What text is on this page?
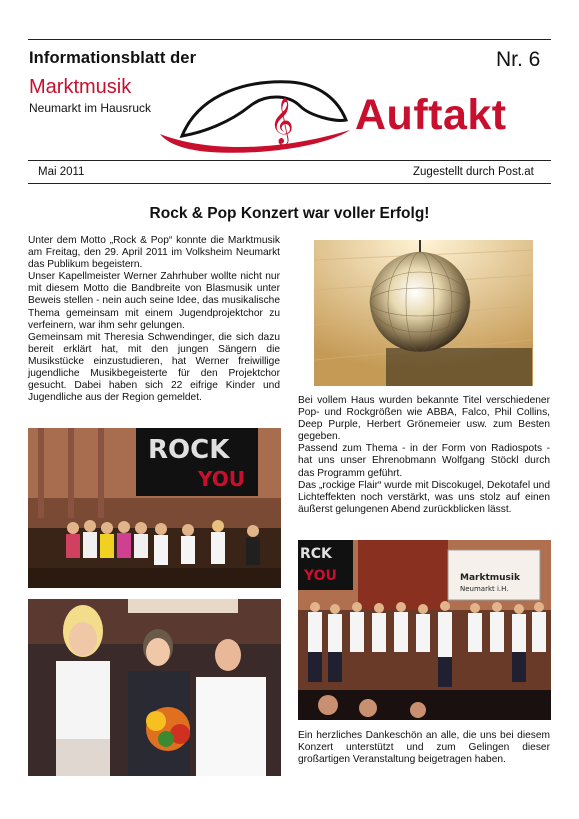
Informationsblatt der	Nr. 6
Marktmusik
Neumarkt im Hausruck	𝄞 Auftakt
Mai 2011	Zugestellt durch Post.at
Rock & Pop Konzert war voller Erfolg!

Unter dem Motto „Rock & Pop“ konnte die Marktmusik am Freitag, den 29. April 2011 im Volksheim Neumarkt das Publikum begeistern.

Unser Kapellmeister Werner Zahrhuber wollte nicht nur mit diesem Motto die Bandbreite von Blasmusik unter Beweis stellen - nein auch seine Idee, das musikalische Thema gemeinsam mit einem Jugendprojektchor zu verfeinern, war ihm sehr gelungen.

Gemeinsam mit Theresia Schwendinger, die sich dazu bereit erklärt hat, mit den jungen Sängern die Musikstücke einzustudieren, hat Werner freiwillige jugendliche Musikbegeisterte für den Projektchor gesucht. Dabei haben sich 22 eifrige Kinder und Jugendliche aus der Region gemeldet.	Bei vollem Haus wurden bekannte Titel verschiedener Pop- und Rockgrößen wie ABBA, Falco, Phil Collins, Deep Purple, Herbert Grönemeier usw. zum Besten gegeben.

Passend zum Thema - in der Form von Radiospots - hat uns unser Ehrenobmann Wolfgang Stöckl durch das Programm geführt.

Das „rockige Flair“ wurde mit Discokugel, Dekotafel und Lichteffekten noch verstärkt, was uns stolz auf einen äußerst gelungenen Abend zurückblicken lässt.

ROCK
YOU
RCK
YOU	Marktmusik
Neumarkt i.H.

Ein herzliches Dankeschön an alle, die uns bei diesem Konzert unterstützt und zum Gelingen dieser großartigen Veranstaltung beigetragen haben.
